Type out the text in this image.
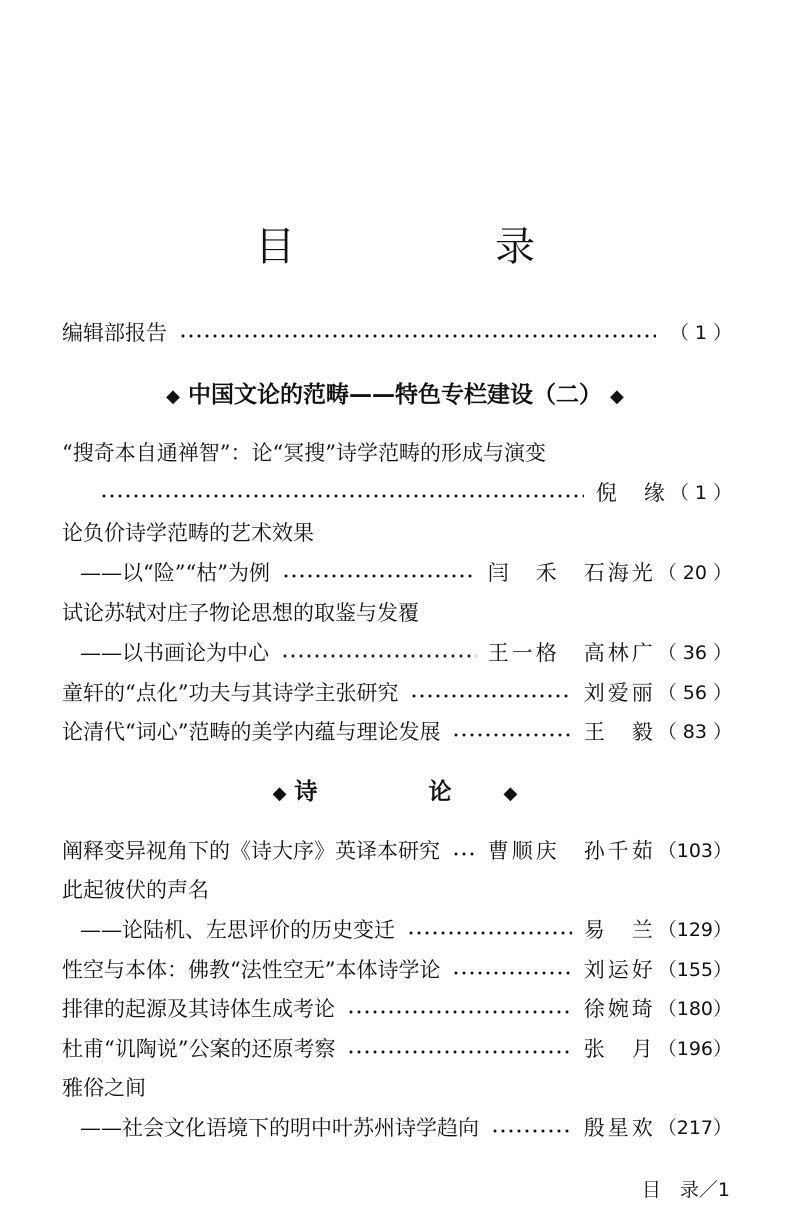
目　录
编辑部报告	（ 1 ）
◆ 中国文论的范畴——特色专栏建设（二） ◆
“搜奇本自通禅智”：论“冥搜”诗学范畴的形成与演变
倪　缘 （ 1 ）
论负价诗学范畴的艺术效果
——以“险”“枯”为例	闫　禾　石海光 （ 20 ）
试论苏轼对庄子物论思想的取鉴与发覆
——以书画论为中心	王一格　高林广 （ 36 ）
童轩的“点化”功夫与其诗学主张研究	刘爱丽 （ 56 ）
论清代“词心”范畴的美学内蕴与理论发展	王　毅 （ 83 ）
◆ 诗　论 ◆
阐释变异视角下的《诗大序》英译本研究 曹顺庆　孙千茹 （103）
此起彼伏的声名
——论陆机、左思评价的历史变迁	易　兰 （129）
性空与本体：佛教“法性空无”本体诗学论	刘运好 （155）
排律的起源及其诗体生成考论	徐婉琦 （180）
杜甫“讥陶说”公案的还原考察	张　月 （196）
雅俗之间
——社会文化语境下的明中叶苏州诗学趋向	殷星欢 （217）
目　录／1
